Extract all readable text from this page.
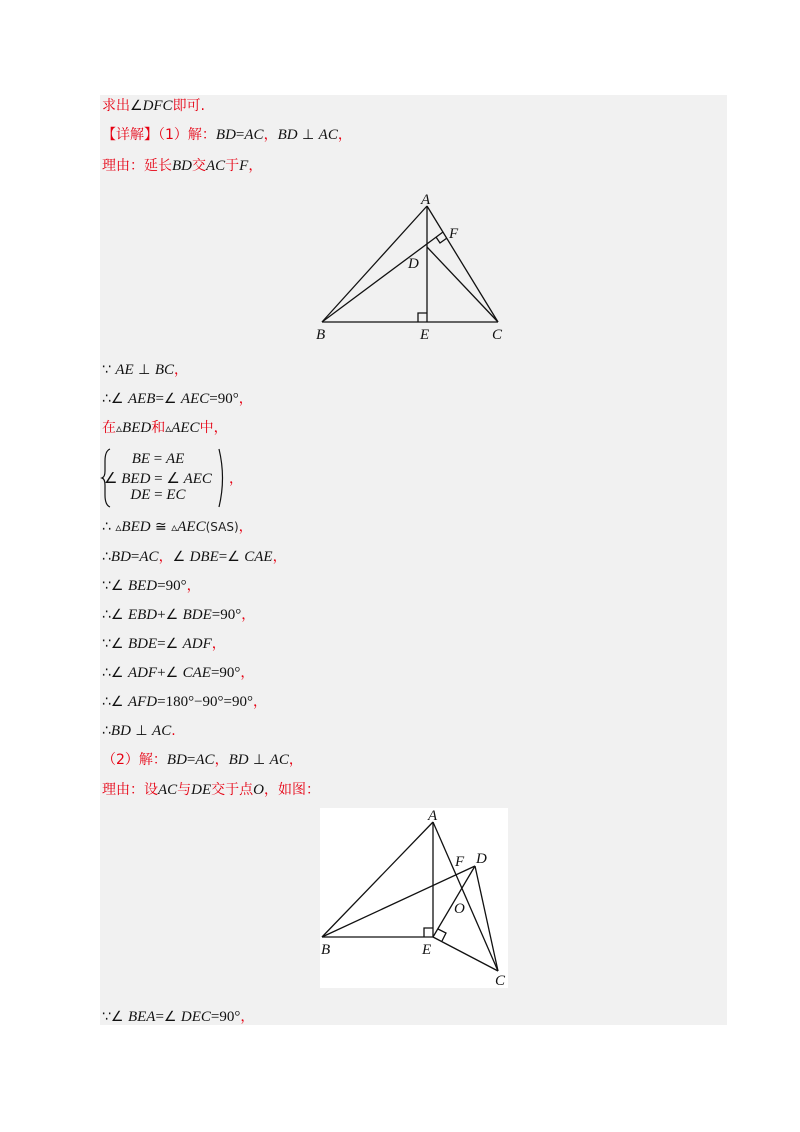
求出∠DFC即可.
【详解】（1）解：BD=AC，BD ⊥ AC，
理由：延长BD交AC于F，
A
F
D
B	E	C
∵ AE ⊥ BC，
∴∠ AEB=∠ AEC=90°，
在▵BED和▵AEC中，
BE = AE
∠ BED = ∠ AEC
DE = EC
，
∴ ▵BED ≅ ▵AEC(SAS)，
∴BD=AC，∠ DBE=∠ CAE，
∵∠ BED=90°，
∴∠ EBD+∠ BDE=90°，
∵∠ BDE=∠ ADF，
∴∠ ADF+∠ CAE=90°，
∴∠ AFD=180°−90°=90°，
∴BD ⊥ AC.
（2）解：BD=AC，BD ⊥ AC，
理由：设AC与DE交于点O，如图：
A
F D
O
B	E
C
∵∠ BEA=∠ DEC=90°，
